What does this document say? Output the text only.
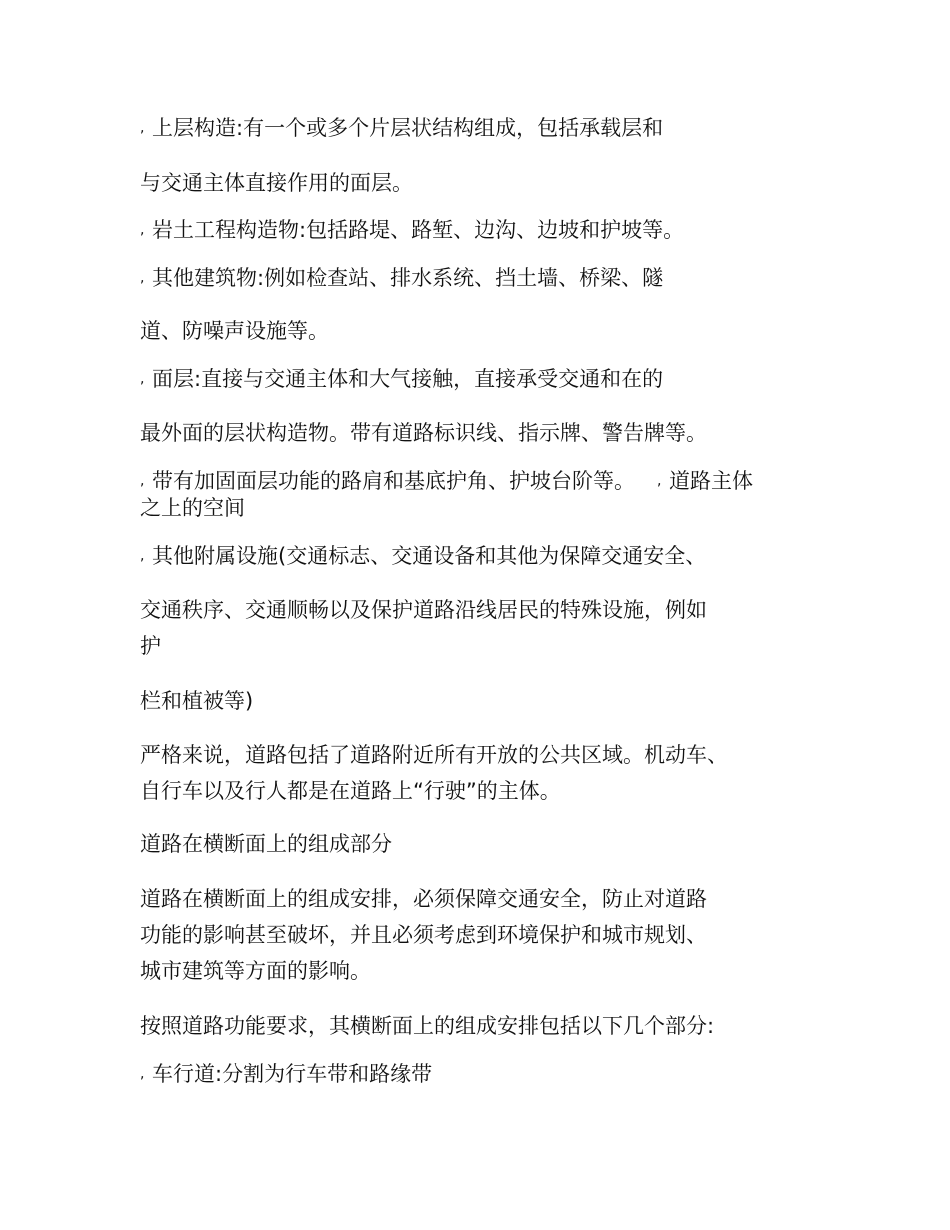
, 上层构造:有一个或多个片层状结构组成，包括承载层和
与交通主体直接作用的面层。
, 岩土工程构造物:包括路堤、路堑、边沟、边坡和护坡等。
, 其他建筑物:例如检查站、排水系统、挡土墙、桥梁、隧
道、防噪声设施等。
, 面层:直接与交通主体和大气接触，直接承受交通和在的
最外面的层状构造物。带有道路标识线、指示牌、警告牌等。
, 带有加固面层功能的路肩和基底护角、护坡台阶等。 , 道路主体
之上的空间
, 其他附属设施(交通标志、交通设备和其他为保障交通安全、
交通秩序、交通顺畅以及保护道路沿线居民的特殊设施，例如
护
栏和植被等)
严格来说，道路包括了道路附近所有开放的公共区域。机动车、
自行车以及行人都是在道路上“行驶”的主体。
道路在横断面上的组成部分
道路在横断面上的组成安排，必须保障交通安全，防止对道路
功能的影响甚至破坏，并且必须考虑到环境保护和城市规划、
城市建筑等方面的影响。
按照道路功能要求，其横断面上的组成安排包括以下几个部分:
, 车行道:分割为行车带和路缘带
